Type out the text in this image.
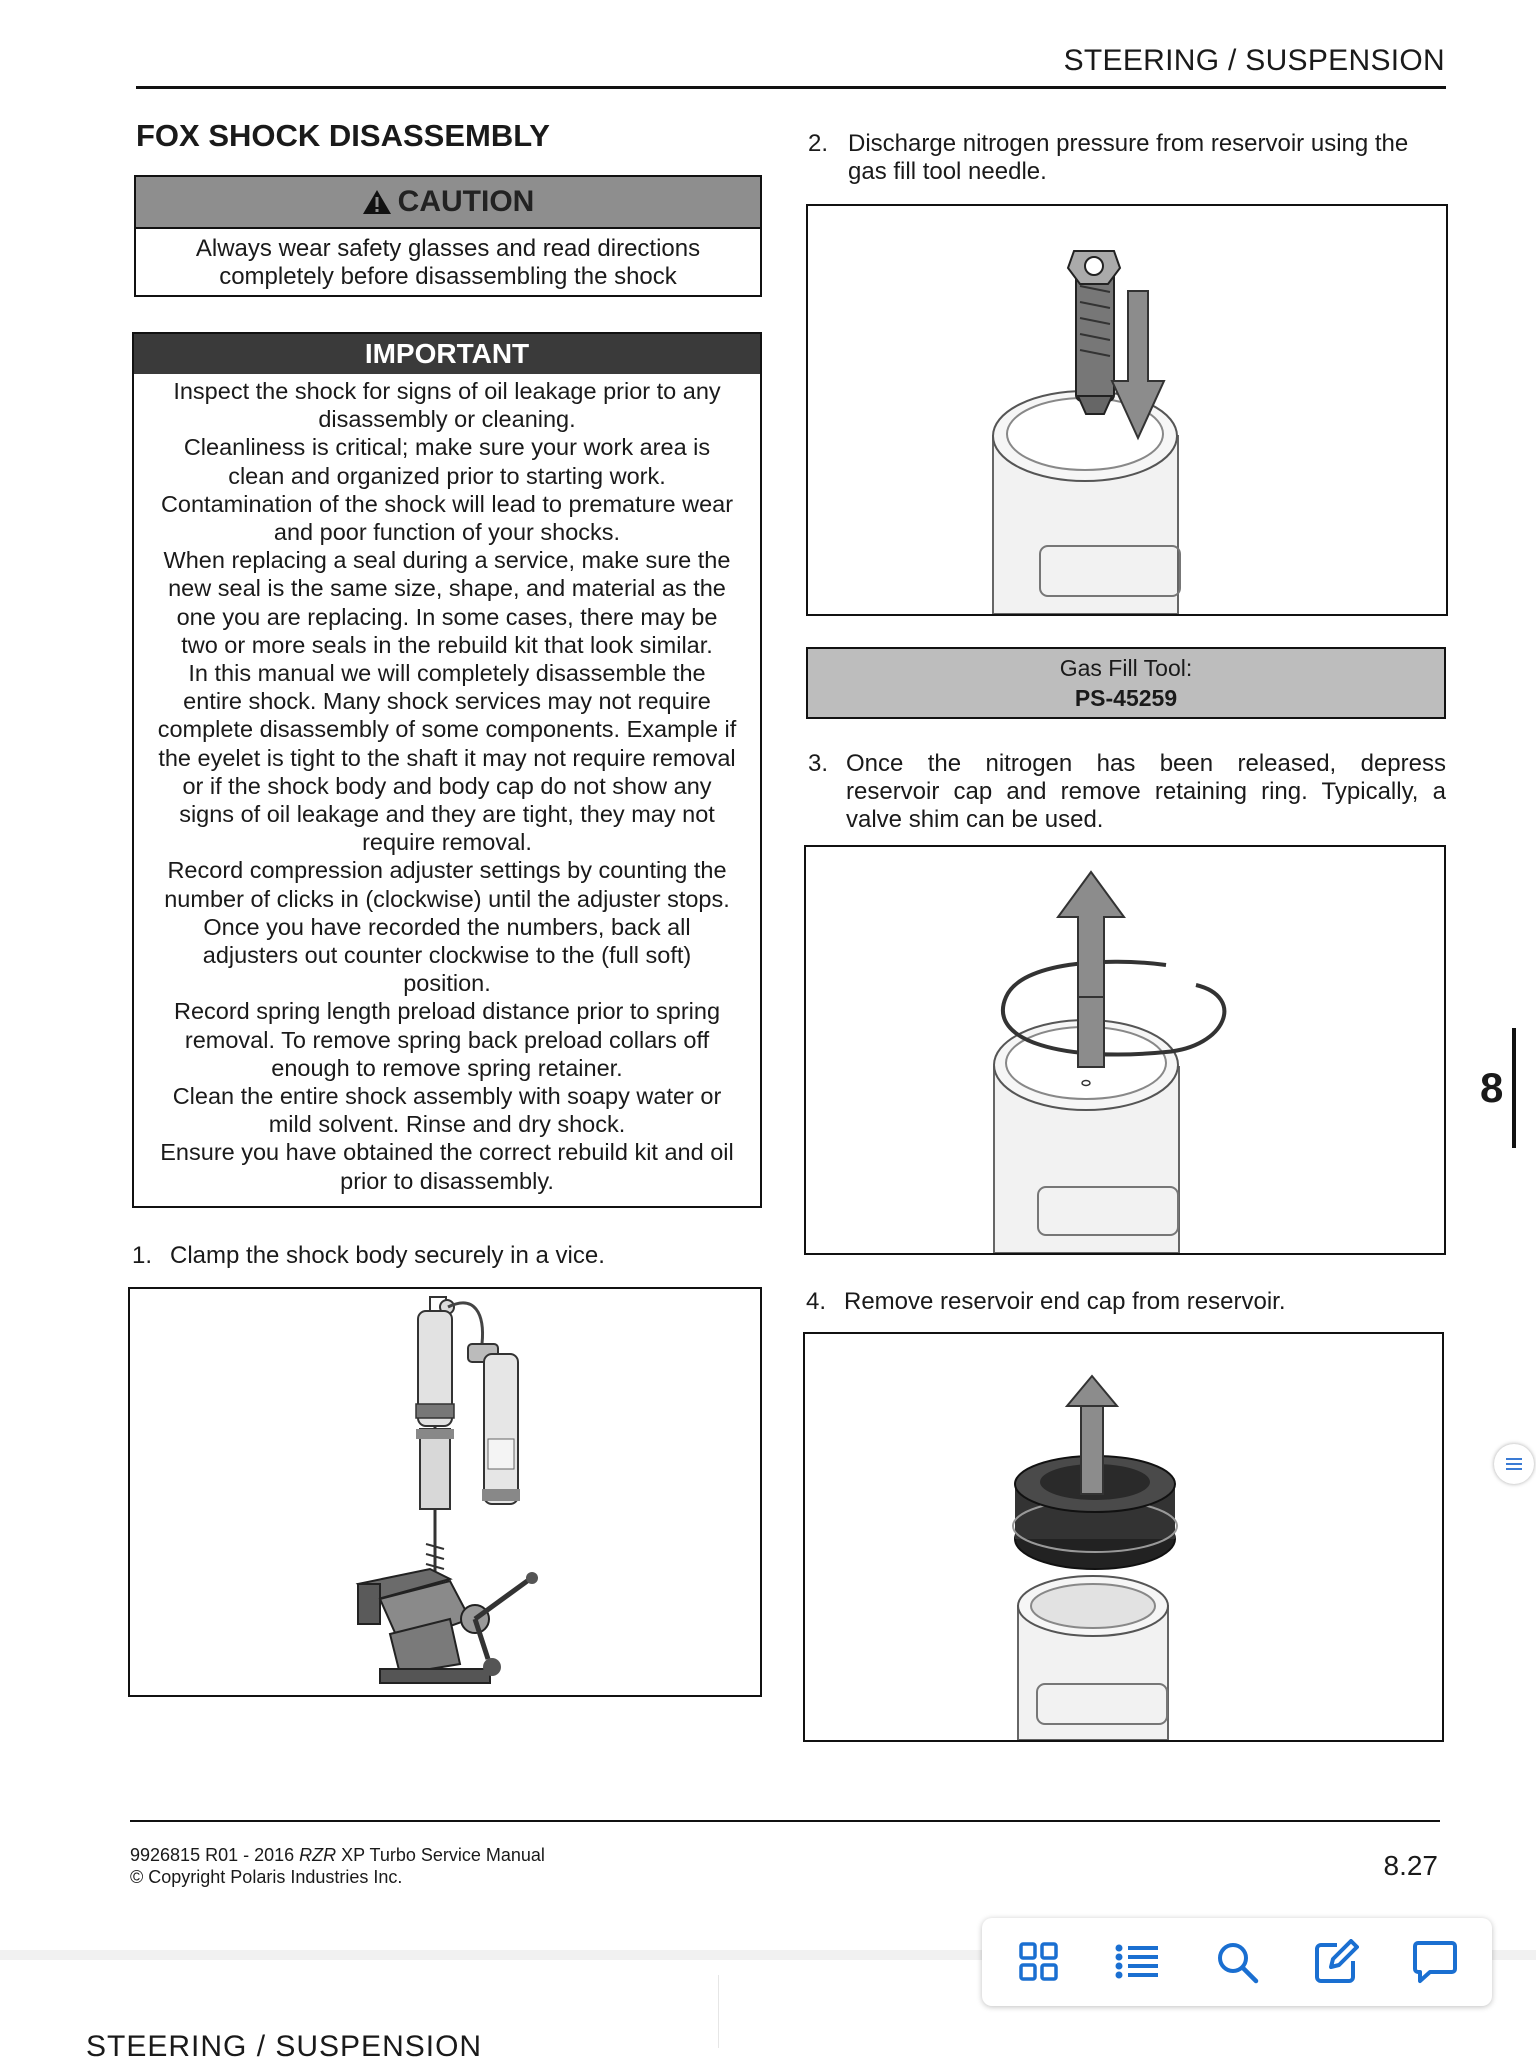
STEERING / SUSPENSION
FOX SHOCK DISASSEMBLY
CAUTION
Always wear safety glasses and read directions
completely before disassembling the shock
IMPORTANT

Inspect the shock for signs of oil leakage prior to any

disassembly or cleaning.

Cleanliness is critical; make sure your work area is

clean and organized prior to starting work.

Contamination of the shock will lead to premature wear

and poor function of your shocks.

When replacing a seal during a service, make sure the

new seal is the same size, shape, and material as the

one you are replacing. In some cases, there may be

two or more seals in the rebuild kit that look similar.

In this manual we will completely disassemble the

entire shock. Many shock services may not require

complete disassembly of some components. Example if

the eyelet is tight to the shaft it may not require removal

or if the shock body and body cap do not show any

signs of oil leakage and they are tight, they may not

require removal.

Record compression adjuster settings by counting the

number of clicks in (clockwise) until the adjuster stops.

Once you have recorded the numbers, back all

adjusters out counter clockwise to the (full soft)

position.

Record spring length preload distance prior to spring

removal. To remove spring back preload collars off

enough to remove spring retainer.

Clean the entire shock assembly with soapy water or

mild solvent. Rinse and dry shock.

Ensure you have obtained the correct rebuild kit and oil

prior to disassembly.

1. Clamp the shock body securely in a vice.
2. Discharge nitrogen pressure from reservoir using the
gas fill tool needle.
Gas Fill Tool:
PS-45259
3. Once the nitrogen has been released, depress
reservoir cap and remove retaining ring. Typically, a
valve shim can be used.
4. Remove reservoir end cap from reservoir.
8
9926815 R01 - 2016 RZR XP Turbo Service Manual
© Copyright Polaris Industries Inc.	8.27
STEERING / SUSPENSION
